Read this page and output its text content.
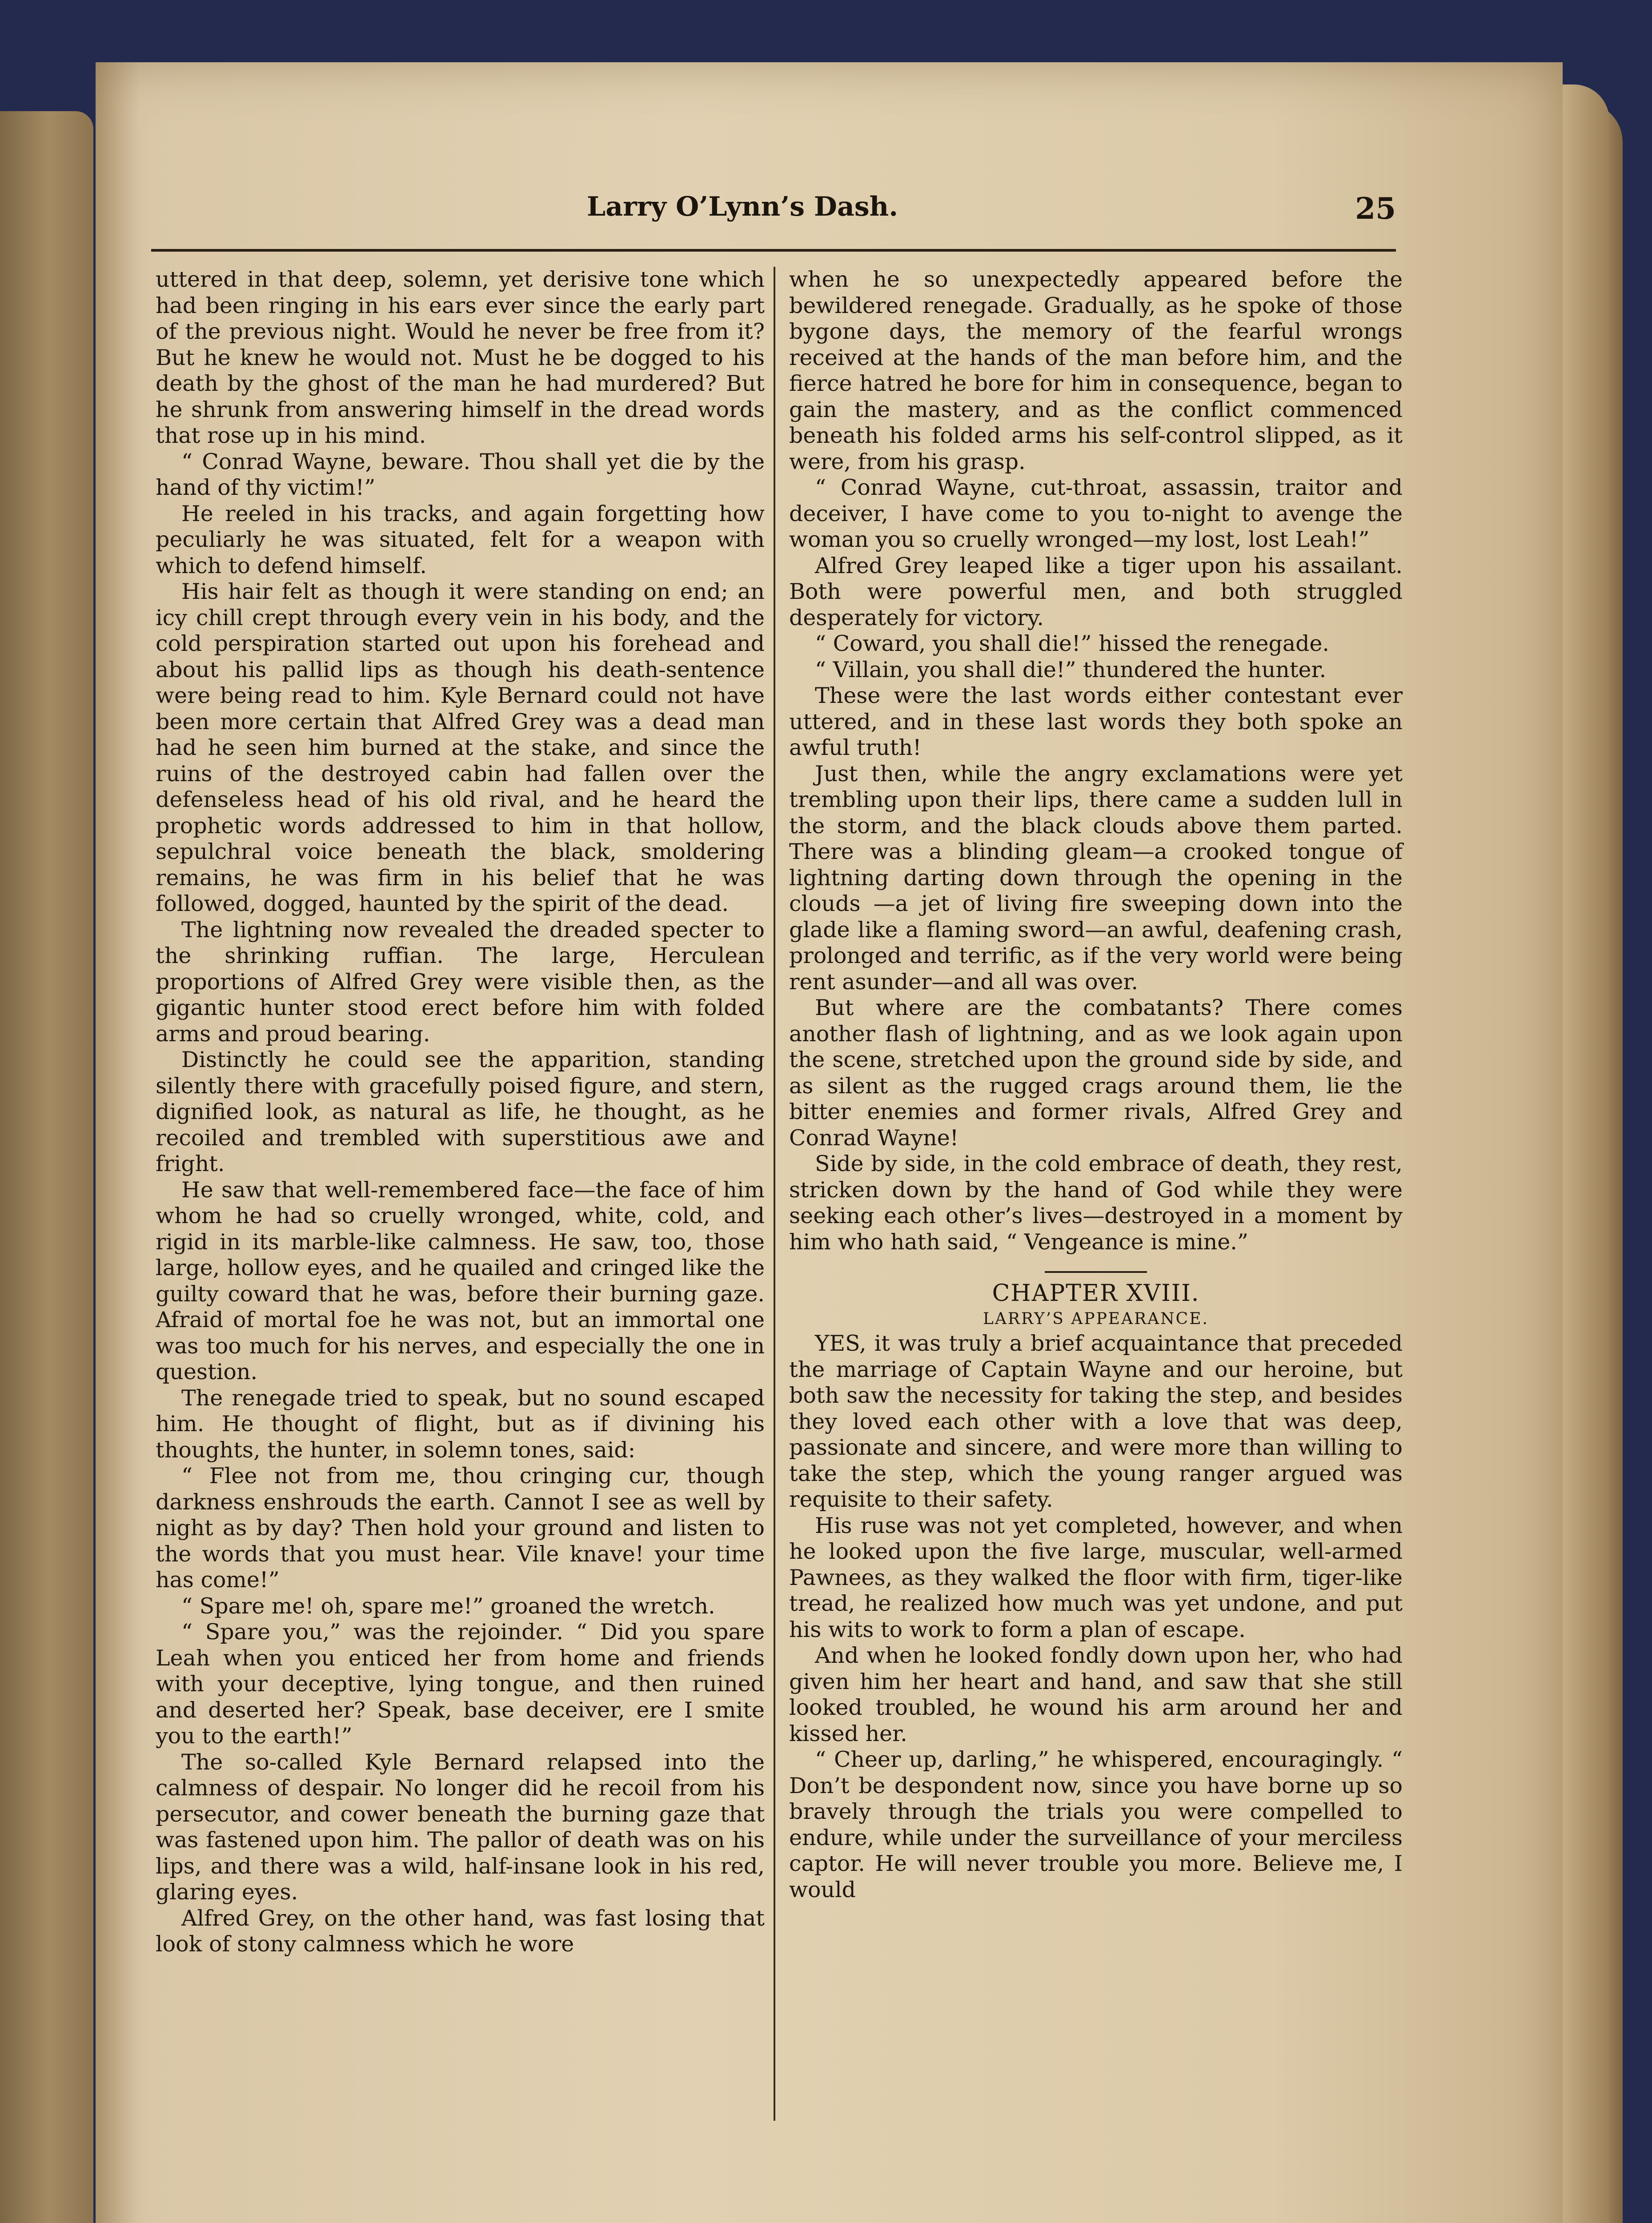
Larry O’Lynn’s Dash.	25

uttered in that deep, solemn, yet derisive tone which had been ringing in his ears ever since the early part of the previous night. Would he never be free from it? But he knew he would not. Must he be dogged to his death by the ghost of the man he had murdered? But he shrunk from answering himself in the dread words that rose up in his mind.

“ Conrad Wayne, beware. Thou shall yet die by the hand of thy victim!”

He reeled in his tracks, and again forgetting how peculiarly he was situated, felt for a weapon with which to defend himself.

His hair felt as though it were standing on end; an icy chill crept through every vein in his body, and the cold perspiration started out upon his forehead and about his pallid lips as though his death-sentence were being read to him. Kyle Bernard could not have been more certain that Alfred Grey was a dead man had he seen him burned at the stake, and since the ruins of the destroyed cabin had fallen over the defenseless head of his old rival, and he heard the prophetic words addressed to him in that hollow, sepulchral voice beneath the black, smoldering remains, he was firm in his belief that he was followed, dogged, haunted by the spirit of the dead.

The lightning now revealed the dreaded specter to the shrinking ruffian. The large, Herculean proportions of Alfred Grey were visible then, as the gigantic hunter stood erect before him with folded arms and proud bearing.

Distinctly he could see the apparition, standing silently there with gracefully poised figure, and stern, dignified look, as natural as life, he thought, as he recoiled and trembled with superstitious awe and fright.

He saw that well-remembered face—the face of him whom he had so cruelly wronged, white, cold, and rigid in its marble-like calmness. He saw, too, those large, hollow eyes, and he quailed and cringed like the guilty coward that he was, before their burning gaze. Afraid of mortal foe he was not, but an immortal one was too much for his nerves, and especially the one in question.

The renegade tried to speak, but no sound escaped him. He thought of flight, but as if divining his thoughts, the hunter, in solemn tones, said:

“ Flee not from me, thou cringing cur, though darkness enshrouds the earth. Cannot I see as well by night as by day? Then hold your ground and listen to the words that you must hear. Vile knave! your time has come!”

“ Spare me! oh, spare me!” groaned the wretch.

“ Spare you,” was the rejoinder. “ Did you spare Leah when you enticed her from home and friends with your deceptive, lying tongue, and then ruined and deserted her? Speak, base deceiver, ere I smite you to the earth!”

The so-called Kyle Bernard relapsed into the calmness of despair. No longer did he recoil from his persecutor, and cower beneath the burning gaze that was fastened upon him. The pallor of death was on his lips, and there was a wild, half-insane look in his red, glaring eyes.

Alfred Grey, on the other hand, was fast losing that look of stony calmness which he wore

when he so unexpectedly appeared before the bewildered renegade. Gradually, as he spoke of those bygone days, the memory of the fearful wrongs received at the hands of the man before him, and the fierce hatred he bore for him in consequence, began to gain the mastery, and as the conflict commenced beneath his folded arms his self-control slipped, as it were, from his grasp.

“ Conrad Wayne, cut-throat, assassin, traitor and deceiver, I have come to you to-night to avenge the woman you so cruelly wronged—my lost, lost Leah!”

Alfred Grey leaped like a tiger upon his assailant. Both were powerful men, and both struggled desperately for victory.

“ Coward, you shall die!” hissed the renegade.

“ Villain, you shall die!” thundered the hunter.

These were the last words either contestant ever uttered, and in these last words they both spoke an awful truth!

Just then, while the angry exclamations were yet trembling upon their lips, there came a sudden lull in the storm, and the black clouds above them parted. There was a blinding gleam—a crooked tongue of lightning darting down through the opening in the clouds —a jet of living fire sweeping down into the glade like a flaming sword—an awful, deafening crash, prolonged and terrific, as if the very world were being rent asunder—and all was over.

But where are the combatants? There comes another flash of lightning, and as we look again upon the scene, stretched upon the ground side by side, and as silent as the rugged crags around them, lie the bitter enemies and former rivals, Alfred Grey and Conrad Wayne!

Side by side, in the cold embrace of death, they rest, stricken down by the hand of God while they were seeking each other’s lives—destroyed in a moment by him who hath said, “ Vengeance is mine.”

CHAPTER XVIII.
LARRY’S APPEARANCE.

YES, it was truly a brief acquaintance that preceded the marriage of Captain Wayne and our heroine, but both saw the necessity for taking the step, and besides they loved each other with a love that was deep, passionate and sincere, and were more than willing to take the step, which the young ranger argued was requisite to their safety.

His ruse was not yet completed, however, and when he looked upon the five large, muscular, well-armed Pawnees, as they walked the floor with firm, tiger-like tread, he realized how much was yet undone, and put his wits to work to form a plan of escape.

And when he looked fondly down upon her, who had given him her heart and hand, and saw that she still looked troubled, he wound his arm around her and kissed her.

“ Cheer up, darling,” he whispered, encouragingly. “ Don’t be despondent now, since you have borne up so bravely through the trials you were compelled to endure, while under the surveillance of your merciless captor. He will never trouble you more. Believe me, I would
